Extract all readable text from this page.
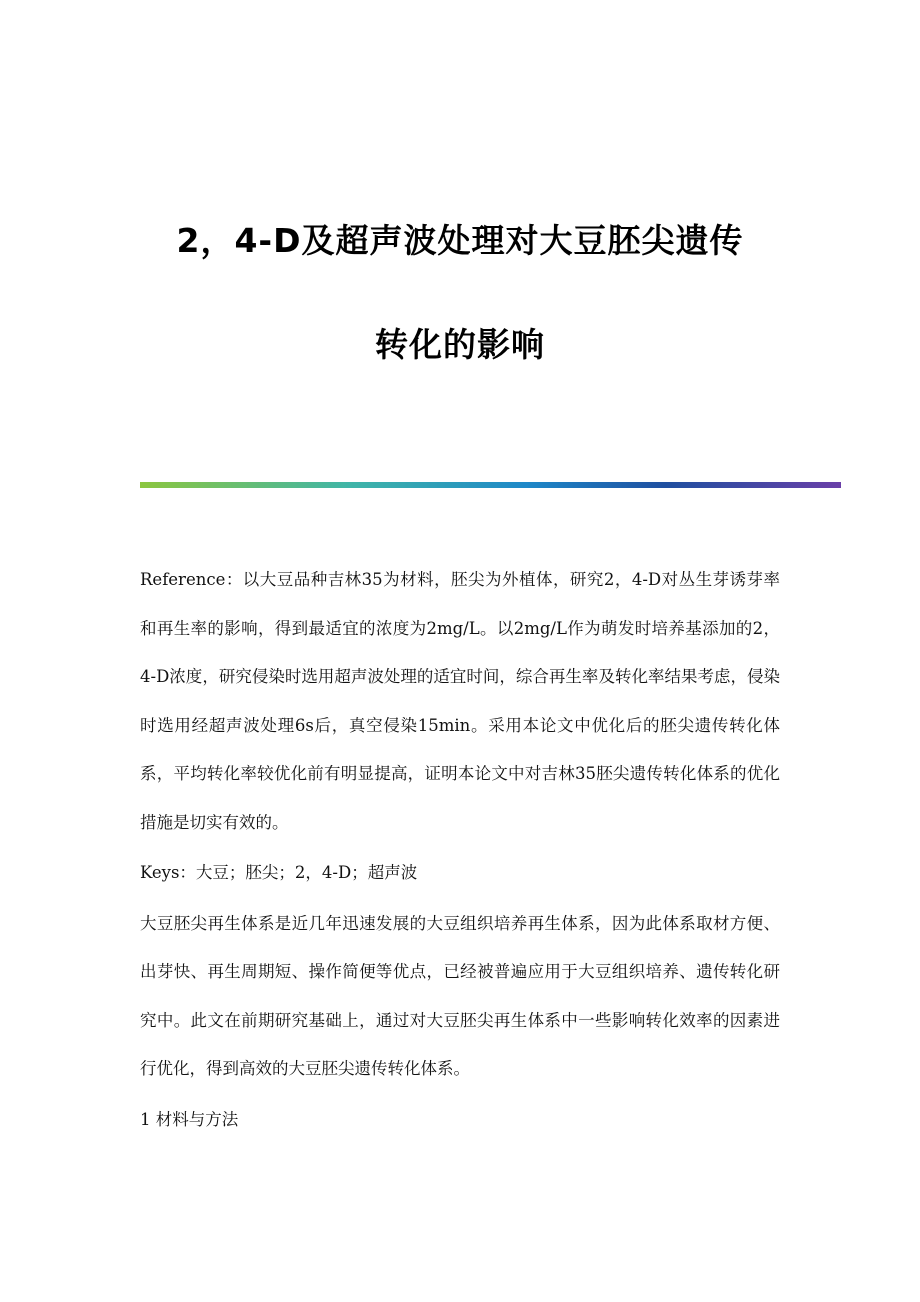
2，4-D及超声波处理对大豆胚尖遗传
转化的影响

Reference：以大豆品种吉林35为材料，胚尖为外植体，研究2，4-D对丛生芽诱芽率和再生率的影响，得到最适宜的浓度为2mg/L。以2mg/L作为萌发时培养基添加的2，4-D浓度，研究侵染时选用超声波处理的适宜时间，综合再生率及转化率结果考虑，侵染时选用经超声波处理6s后，真空侵染15min。采用本论文中优化后的胚尖遗传转化体系，平均转化率较优化前有明显提高，证明本论文中对吉林35胚尖遗传转化体系的优化措施是切实有效的。

Keys：大豆；胚尖；2，4-D；超声波

大豆胚尖再生体系是近几年迅速发展的大豆组织培养再生体系，因为此体系取材方便、出芽快、再生周期短、操作简便等优点，已经被普遍应用于大豆组织培养、遗传转化研究中。此文在前期研究基础上，通过对大豆胚尖再生体系中一些影响转化效率的因素进行优化，得到高效的大豆胚尖遗传转化体系。

1 材料与方法
